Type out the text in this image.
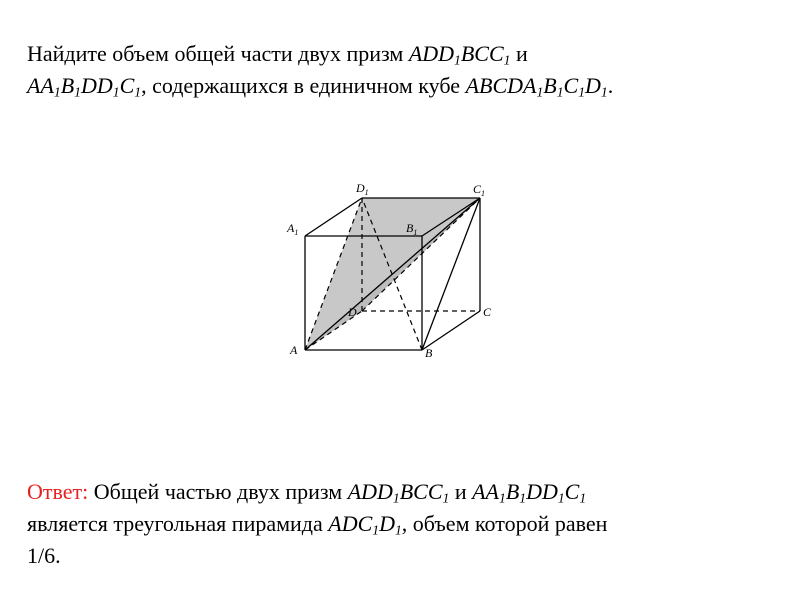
Найдите объем общей части двух призм $ADD_1BCC_1$ и
$AA_1B_1DD_1C_1$, содержащихся в единичном кубе $ABCDA_1B_1C_1D_1$.
A	B
C
D
$A_1$	$B_1$
$C_1$
$D_1$
Ответ: Общей частью двух призм $ADD_1BCC_1$ и $AA_1B_1DD_1C_1$
является треугольная пирамида $ADC_1D_1$, объем которой равен
1/6.
